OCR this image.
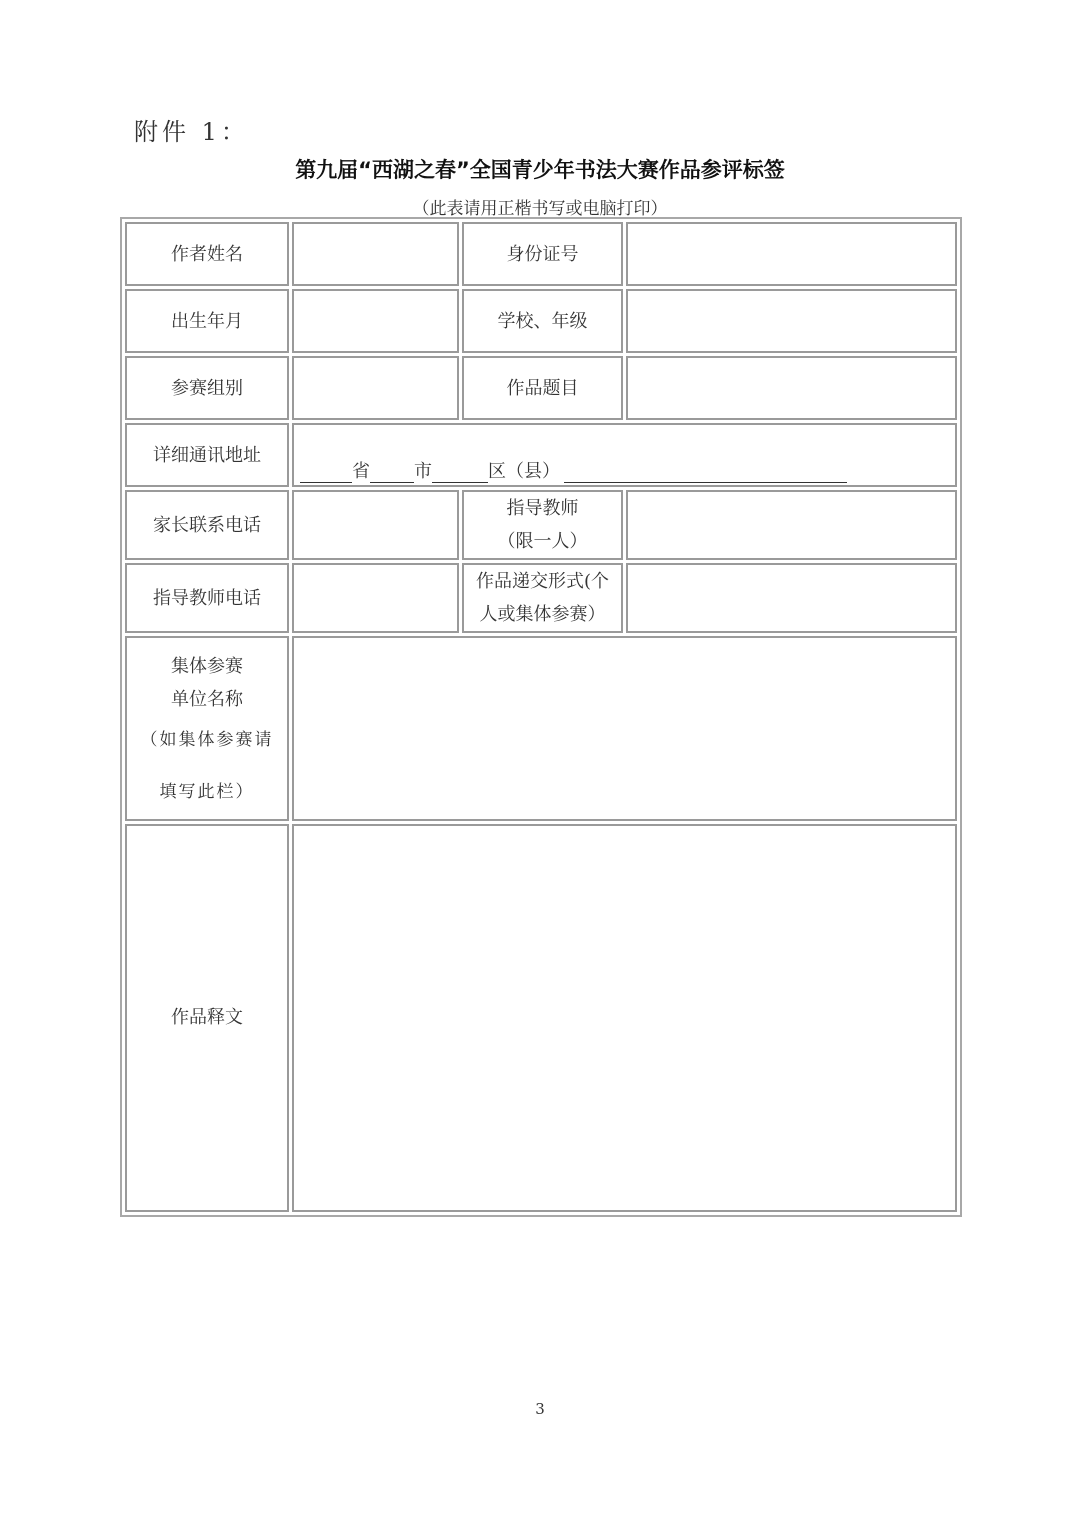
附件 1：
第九届“西湖之春”全国青少年书法大赛作品参评标签
（此表请用正楷书写或电脑打印）
作者姓名		身份证号	
出生年月		学校、年级	
参赛组别		作品题目	
详细通讯地址	省 市 区（县）		
家长联系电话		指导教师
（限一人）	

指导教师电话		作品递交形式(个
人或集体参赛）	

集体参赛
单位名称
（如集体参赛请
填写此栏）			

作品释文			
3
